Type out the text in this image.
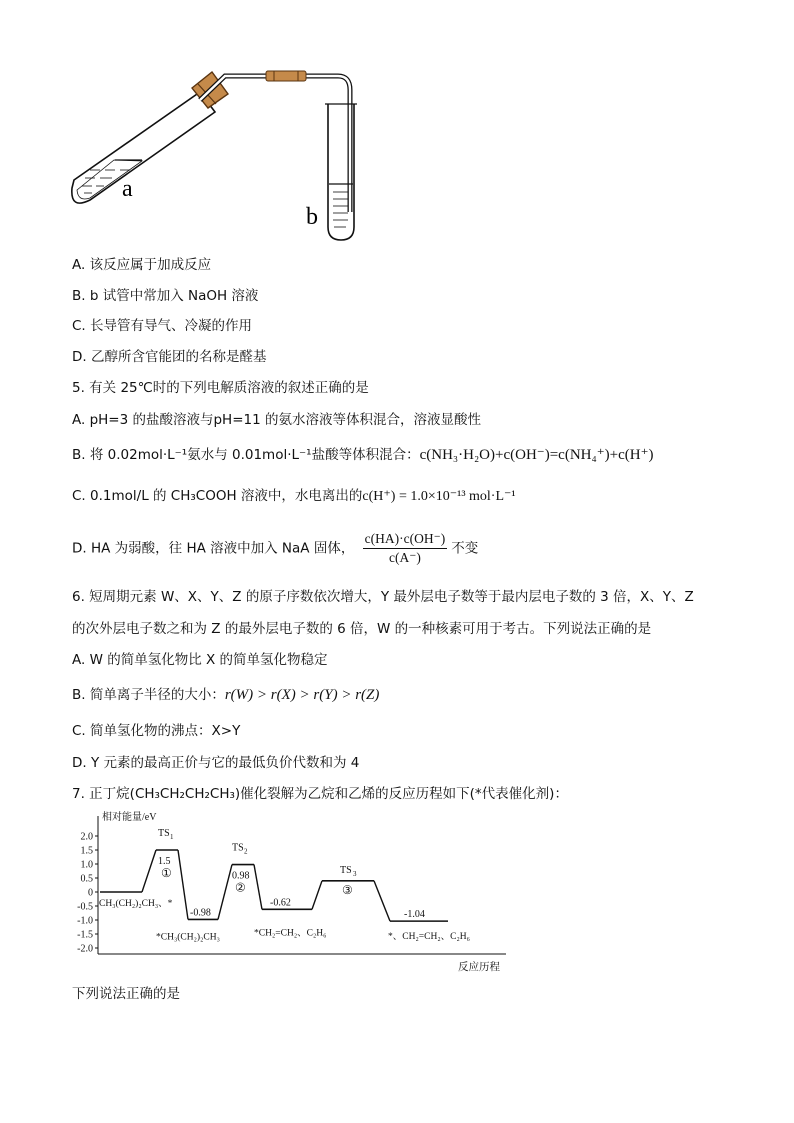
a
b
A. 该反应属于加成反应
B. b 试管中常加入 NaOH 溶液
C. 长导管有导气、冷凝的作用
D. 乙醇所含官能团的名称是醛基
5. 有关 25℃时的下列电解质溶液的叙述正确的是
A. pH=3 的盐酸溶液与pH=11 的氨水溶液等体积混合，溶液显酸性
B. 将 0.02mol·L⁻¹氨水与 0.01mol·L⁻¹盐酸等体积混合：c(NH₃·H₂O)+c(OH⁻)=c(NH₄⁺)+c(H⁺)
C. 0.1mol/L 的 CH₃COOH 溶液中，水电离出的c(H⁺) = 1.0×10⁻¹³ mol·L⁻¹
D. HA 为弱酸，往 HA 溶液中加入 NaA 固体， $\frac{c(HA)\cdot c(OH^-)}{c(A^-)}$ 不变
6. 短周期元素 W、X、Y、Z 的原子序数依次增大，Y 最外层电子数等于最内层电子数的 3 倍，X、Y、Z
的次外层电子数之和为 Z 的最外层电子数的 6 倍，W 的一种核素可用于考古。下列说法正确的是
A. W 的简单氢化物比 X 的简单氢化物稳定
B. 简单离子半径的大小：r(W) > r(X) > r(Y) > r(Z)
C. 简单氢化物的沸点：X>Y
D. Y 元素的最高正价与它的最低负价代数和为 4
7. 正丁烷(CH₃CH₂CH₂CH₃)催化裂解为乙烷和乙烯的反应历程如下(*代表催化剂)：
相对能量/eV
反应历程
2.0
1.5
1.0
0.5
0
-0.5
-1.0
-1.5
-2.0
TS 1
1.5
①
TS 2
0.98
②
TS 3
③
-0.98
-0.62
-1.04
CH₃(CH₂)₂CH₃、*
*CH₃(CH₂)₂CH₃	*CH₂=CH₂、C₂H₆	*、CH₂=CH₂、C₂H₆
下列说法正确的是
